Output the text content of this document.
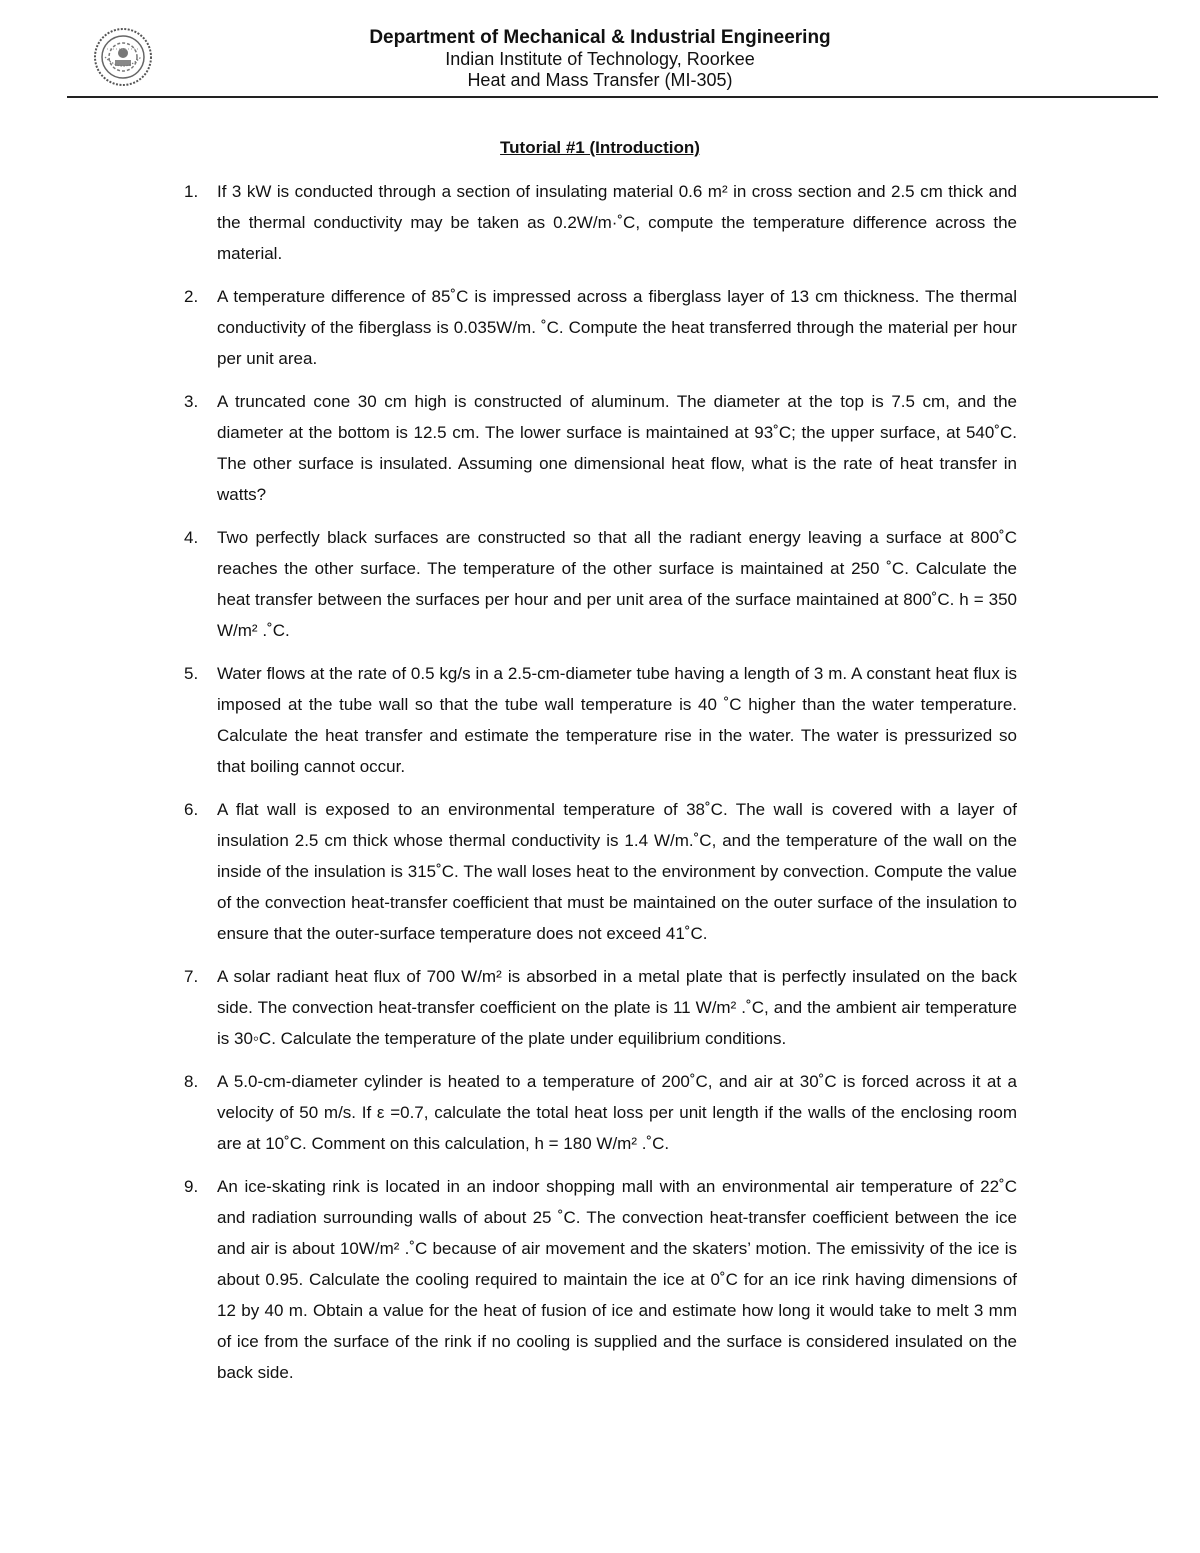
Department of Mechanical & Industrial Engineering
Indian Institute of Technology, Roorkee
Heat and Mass Transfer (MI-305)
Tutorial #1 (Introduction)
1. If 3 kW is conducted through a section of insulating material 0.6 m² in cross section and 2.5 cm thick and the thermal conductivity may be taken as 0.2W/m·˚C, compute the temperature difference across the material.
2. A temperature difference of 85˚C is impressed across a fiberglass layer of 13 cm thickness. The thermal conductivity of the fiberglass is 0.035W/m. ˚C. Compute the heat transferred through the material per hour per unit area.
3. A truncated cone 30 cm high is constructed of aluminum. The diameter at the top is 7.5 cm, and the diameter at the bottom is 12.5 cm. The lower surface is maintained at 93˚C; the upper surface, at 540˚C. The other surface is insulated. Assuming one dimensional heat flow, what is the rate of heat transfer in watts?
4. Two perfectly black surfaces are constructed so that all the radiant energy leaving a surface at 800˚C reaches the other surface. The temperature of the other surface is maintained at 250 ˚C. Calculate the heat transfer between the surfaces per hour and per unit area of the surface maintained at 800˚C. h = 350 W/m² .˚C.
5. Water flows at the rate of 0.5 kg/s in a 2.5-cm-diameter tube having a length of 3 m. A constant heat flux is imposed at the tube wall so that the tube wall temperature is 40 ˚C higher than the water temperature. Calculate the heat transfer and estimate the temperature rise in the water. The water is pressurized so that boiling cannot occur.
6. A flat wall is exposed to an environmental temperature of 38˚C. The wall is covered with a layer of insulation 2.5 cm thick whose thermal conductivity is 1.4 W/m.˚C, and the temperature of the wall on the inside of the insulation is 315˚C. The wall loses heat to the environment by convection. Compute the value of the convection heat-transfer coefficient that must be maintained on the outer surface of the insulation to ensure that the outer-surface temperature does not exceed 41˚C.
7. A solar radiant heat flux of 700 W/m² is absorbed in a metal plate that is perfectly insulated on the back side. The convection heat-transfer coefficient on the plate is 11 W/m² .˚C, and the ambient air temperature is 30◦C. Calculate the temperature of the plate under equilibrium conditions.
8. A 5.0-cm-diameter cylinder is heated to a temperature of 200˚C, and air at 30˚C is forced across it at a velocity of 50 m/s. If ε =0.7, calculate the total heat loss per unit length if the walls of the enclosing room are at 10˚C. Comment on this calculation, h = 180 W/m² .˚C.
9. An ice-skating rink is located in an indoor shopping mall with an environmental air temperature of 22˚C and radiation surrounding walls of about 25 ˚C. The convection heat-transfer coefficient between the ice and air is about 10W/m² .˚C because of air movement and the skaters’ motion. The emissivity of the ice is about 0.95. Calculate the cooling required to maintain the ice at 0˚C for an ice rink having dimensions of 12 by 40 m. Obtain a value for the heat of fusion of ice and estimate how long it would take to melt 3 mm of ice from the surface of the rink if no cooling is supplied and the surface is considered insulated on the back side.
